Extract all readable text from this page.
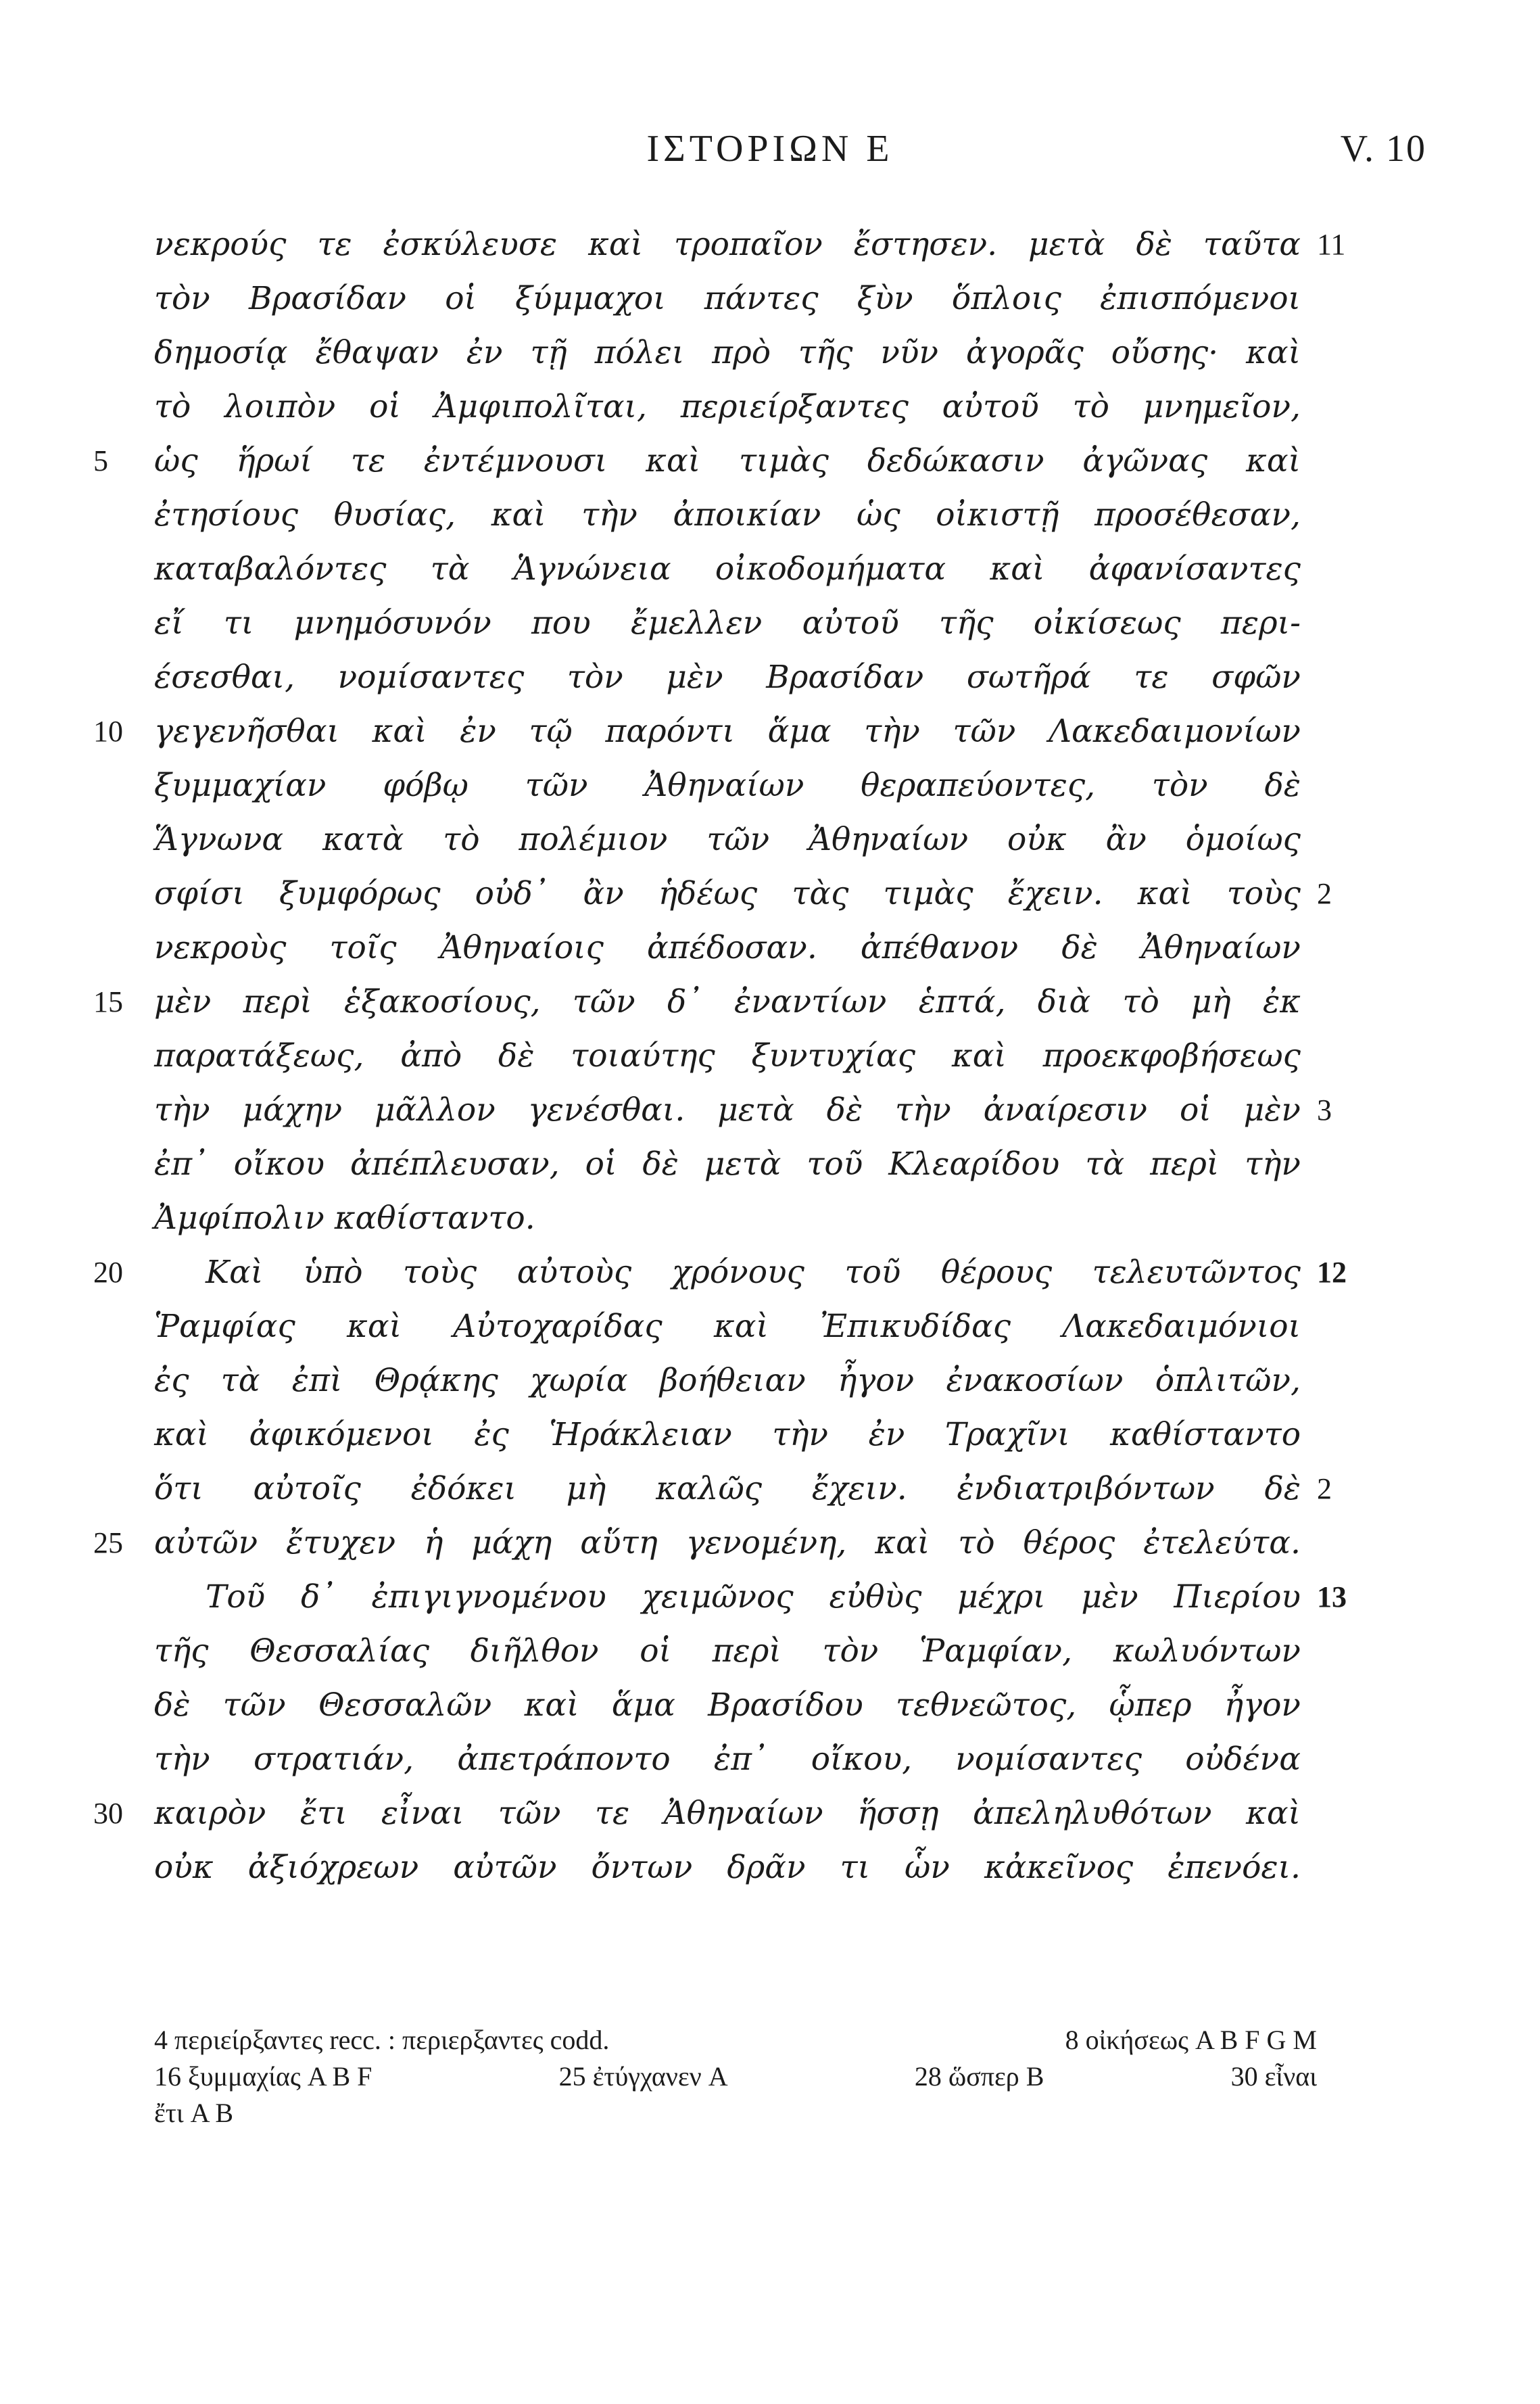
ΙΣΤΟΡΙΩΝ Ε	V. 10
νεκρούς τε ἐσκύλευσε καὶ τροπαῖον ἔστησεν. μετὰ δὲ ταῦτα
τὸν Βρασίδαν οἱ ξύμμαχοι πάντες ξὺν ὅπλοις ἐπισπόμενοι
δημοσίᾳ ἔθαψαν ἐν τῇ πόλει πρὸ τῆς νῦν ἀγορᾶς οὔσης· καὶ
τὸ λοιπὸν οἱ Ἀμφιπολῖται, περιείρξαντες αὐτοῦ τὸ μνημεῖον,
ὡς ἥρωί τε ἐντέμνουσι καὶ τιμὰς δεδώκασιν ἀγῶνας καὶ
ἐτησίους θυσίας, καὶ τὴν ἀποικίαν ὡς οἰκιστῇ προσέθεσαν,
καταβαλόντες τὰ Ἁγνώνεια οἰκοδομήματα καὶ ἀφανίσαντες
εἴ τι μνημόσυνόν που ἔμελλεν αὐτοῦ τῆς οἰκίσεως περι-
έσεσθαι, νομίσαντες τὸν μὲν Βρασίδαν σωτῆρά τε σφῶν
γεγενῆσθαι καὶ ἐν τῷ παρόντι ἅμα τὴν τῶν Λακεδαιμονίων
ξυμμαχίαν φόβῳ τῶν Ἀθηναίων θεραπεύοντες, τὸν δὲ
Ἅγνωνα κατὰ τὸ πολέμιον τῶν Ἀθηναίων οὐκ ἂν ὁμοίως
σφίσι ξυμφόρως οὐδ᾽ ἂν ἡδέως τὰς τιμὰς ἔχειν. καὶ τοὺς
νεκροὺς τοῖς Ἀθηναίοις ἀπέδοσαν. ἀπέθανον δὲ Ἀθηναίων
μὲν περὶ ἑξακοσίους, τῶν δ᾽ ἐναντίων ἑπτά, διὰ τὸ μὴ ἐκ
παρατάξεως, ἀπὸ δὲ τοιαύτης ξυντυχίας καὶ προεκφοβήσεως
τὴν μάχην μᾶλλον γενέσθαι. μετὰ δὲ τὴν ἀναίρεσιν οἱ μὲν
ἐπ᾽ οἴκου ἀπέπλευσαν, οἱ δὲ μετὰ τοῦ Κλεαρίδου τὰ περὶ τὴν
Ἀμφίπολιν καθίσταντο.
Καὶ ὑπὸ τοὺς αὐτοὺς χρόνους τοῦ θέρους τελευτῶντος
Ῥαμφίας καὶ Αὐτοχαρίδας καὶ Ἐπικυδίδας Λακεδαιμόνιοι
ἐς τὰ ἐπὶ Θρᾴκης χωρία βοήθειαν ἦγον ἐνακοσίων ὁπλιτῶν,
καὶ ἀφικόμενοι ἐς Ἡράκλειαν τὴν ἐν Τραχῖνι καθίσταντο
ὅτι αὐτοῖς ἐδόκει μὴ καλῶς ἔχειν. ἐνδιατριβόντων δὲ
αὐτῶν ἔτυχεν ἡ μάχη αὕτη γενομένη, καὶ τὸ θέρος ἐτελεύτα.
Τοῦ δ᾽ ἐπιγιγνομένου χειμῶνος εὐθὺς μέχρι μὲν Πιερίου
τῆς Θεσσαλίας διῆλθον οἱ περὶ τὸν Ῥαμφίαν, κωλυόντων
δὲ τῶν Θεσσαλῶν καὶ ἅμα Βρασίδου τεθνεῶτος, ᾧπερ ἦγον
τὴν στρατιάν, ἀπετράποντο ἐπ᾽ οἴκου, νομίσαντες οὐδένα
καιρὸν ἔτι εἶναι τῶν τε Ἀθηναίων ἥσσῃ ἀπεληλυθότων καὶ
οὐκ ἀξιόχρεων αὐτῶν ὄντων δρᾶν τι ὧν κἀκεῖνος ἐπενόει.
5
10
15
20
25
30
11
2
3
12
2
13
4 περιείρξαντες recc. : περιερξαντες codd.	8 οἰκήσεως A B F G M
16 ξυμμαχίας A B F	25 ἐτύγχανεν A	28 ὥσπερ B	30 εἶναι
ἔτι A B
